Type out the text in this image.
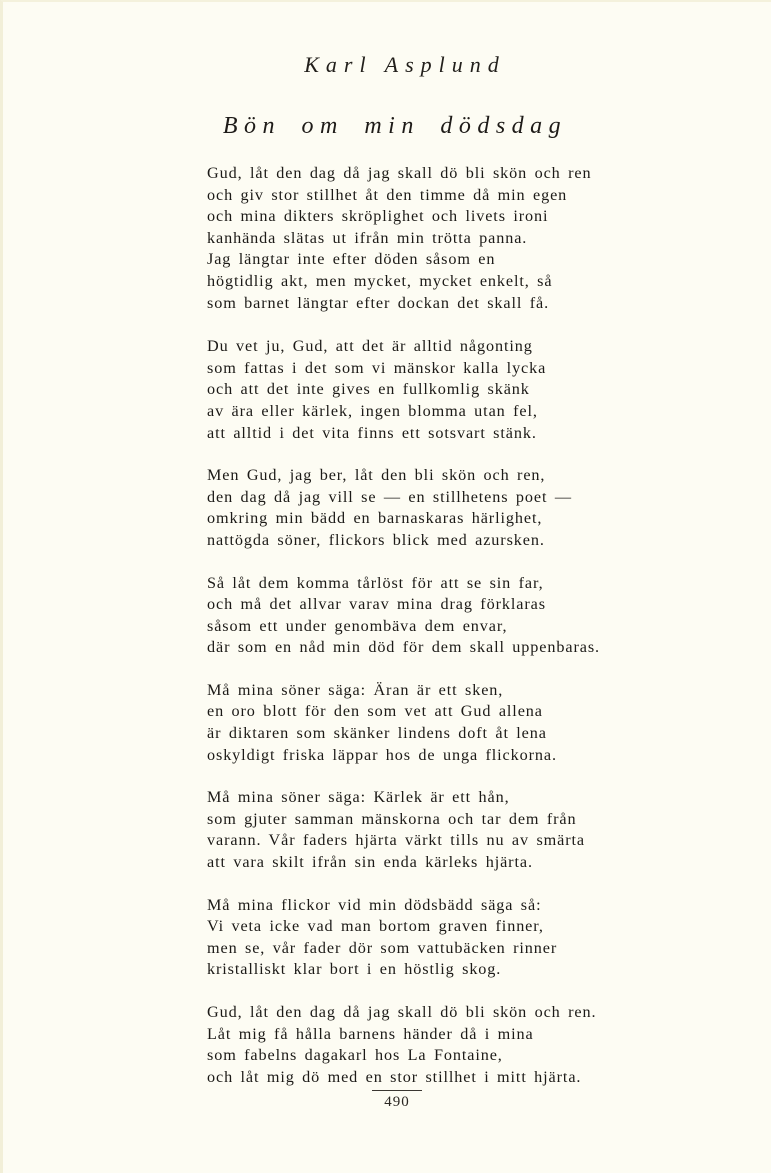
Karl Asplund
Bön om min dödsdag
Gud, låt den dag då jag skall dö bli skön och ren
och giv stor stillhet åt den timme då min egen
och mina dikters skröplighet och livets ironi
kanhända slätas ut ifrån min trötta panna.
Jag längtar inte efter döden såsom en
högtidlig akt, men mycket, mycket enkelt, så
som barnet längtar efter dockan det skall få.
Du vet ju, Gud, att det är alltid någonting
som fattas i det som vi mänskor kalla lycka
och att det inte gives en fullkomlig skänk
av ära eller kärlek, ingen blomma utan fel,
att alltid i det vita finns ett sotsvart stänk.
Men Gud, jag ber, låt den bli skön och ren,
den dag då jag vill se — en stillhetens poet —
omkring min bädd en barnaskaras härlighet,
nattögda söner, flickors blick med azursken.
Så låt dem komma tårlöst för att se sin far,
och må det allvar varav mina drag förklaras
såsom ett under genombäva dem envar,
där som en nåd min död för dem skall uppenbaras.
Må mina söner säga: Äran är ett sken,
en oro blott för den som vet att Gud allena
är diktaren som skänker lindens doft åt lena
oskyldigt friska läppar hos de unga flickorna.
Må mina söner säga: Kärlek är ett hån,
som gjuter samman mänskorna och tar dem från
varann. Vår faders hjärta värkt tills nu av smärta
att vara skilt ifrån sin enda kärleks hjärta.
Må mina flickor vid min dödsbädd säga så:
Vi veta icke vad man bortom graven finner,
men se, vår fader dör som vattubäcken rinner
kristalliskt klar bort i en höstlig skog.
Gud, låt den dag då jag skall dö bli skön och ren.
Låt mig få hålla barnens händer då i mina
som fabelns dagakarl hos La Fontaine,
och låt mig dö med en stor stillhet i mitt hjärta.
490
